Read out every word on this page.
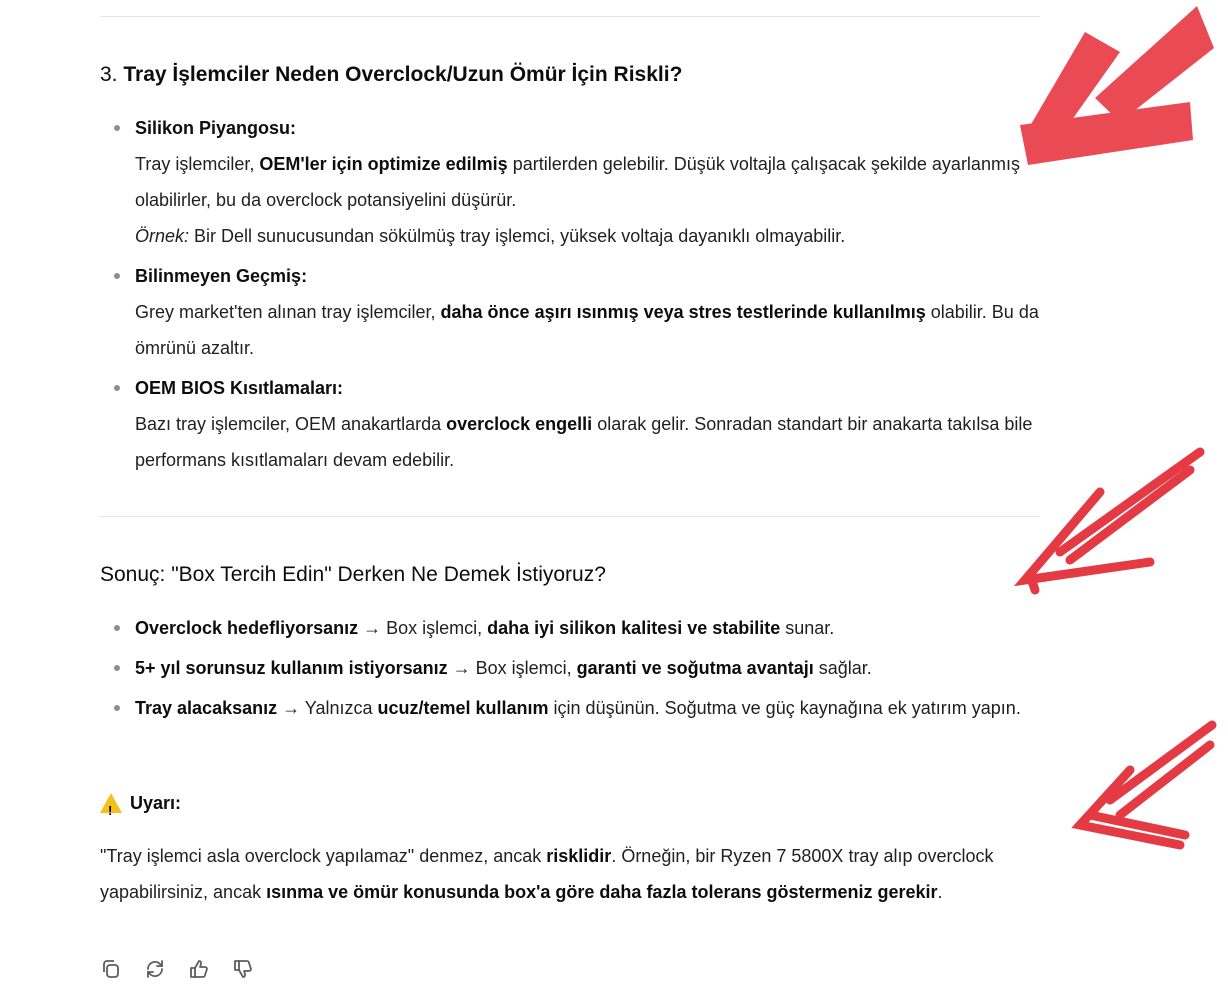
3. Tray İşlemciler Neden Overclock/Uzun Ömür İçin Riskli?
Silikon Piyangosu:

Tray işlemciler, OEM'ler için optimize edilmiş partilerden gelebilir. Düşük voltajla çalışacak şekilde ayarlanmış olabilirler, bu da overclock potansiyelini düşürür.

Örnek: Bir Dell sunucusundan sökülmüş tray işlemci, yüksek voltaja dayanıklı olmayabilir.

Bilinmeyen Geçmiş:

Grey market'ten alınan tray işlemciler, daha önce aşırı ısınmış veya stres testlerinde kullanılmış olabilir. Bu da ömrünü azaltır.

OEM BIOS Kısıtlamaları:

Bazı tray işlemciler, OEM anakartlarda overclock engelli olarak gelir. Sonradan standart bir anakarta takılsa bile performans kısıtlamaları devam edebilir.

Sonuç: "Box Tercih Edin" Derken Ne Demek İstiyoruz?
Overclock hedefliyorsanız → Box işlemci, daha iyi silikon kalitesi ve stabilite sunar.
5+ yıl sorunsuz kullanım istiyorsanız → Box işlemci, garanti ve soğutma avantajı sağlar.
Tray alacaksanız → Yalnızca ucuz/temel kullanım için düşünün. Soğutma ve güç kaynağına ek yatırım yapın.
!
Uyarı:

"Tray işlemci asla overclock yapılamaz" denmez, ancak risklidir. Örneğin, bir Ryzen 7 5800X tray alıp overclock yapabilirsiniz, ancak ısınma ve ömür konusunda box'a göre daha fazla tolerans göstermeniz gerekir.
